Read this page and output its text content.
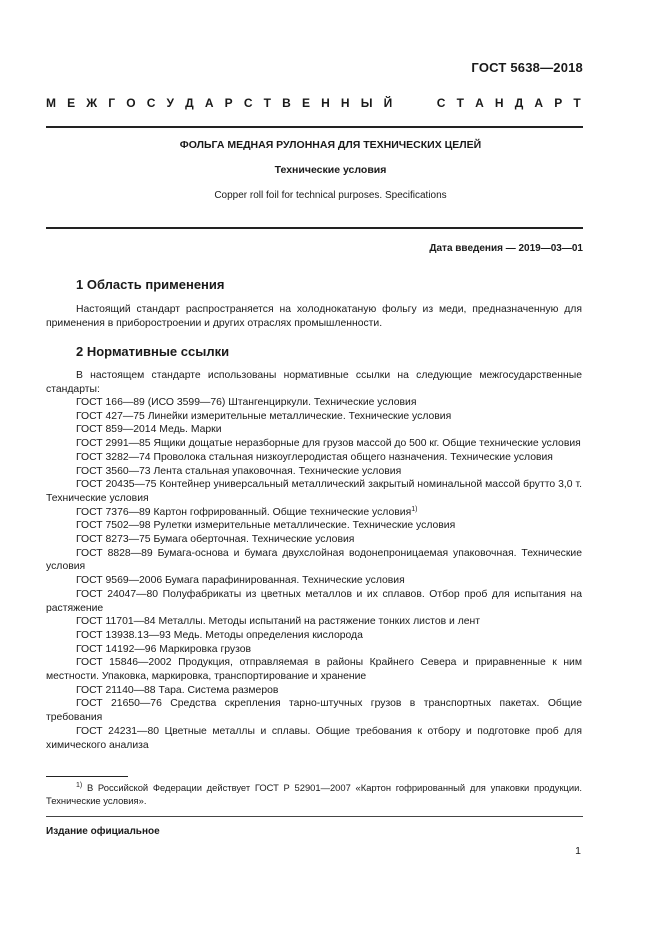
ГОСТ 5638—2018
М Е Ж Г О С У Д А Р С Т В Е Н Н Ы Й	С Т А Н Д А Р Т
ФОЛЬГА МЕДНАЯ РУЛОННАЯ ДЛЯ ТЕХНИЧЕСКИХ ЦЕЛЕЙ
Технические условия
Copper roll foil for technical purposes. Specifications
Дата введения — 2019—03—01
1 Область применения
Настоящий стандарт распространяется на холоднокатаную фольгу из меди, предназначенную для применения в приборостроении и других отраслях промышленности.
2 Нормативные ссылки
В настоящем стандарте использованы нормативные ссылки на следующие межгосударственные стандарты:
ГОСТ 166—89 (ИСО 3599—76) Штангенциркули. Технические условия
ГОСТ 427—75 Линейки измерительные металлические. Технические условия
ГОСТ 859—2014 Медь. Марки
ГОСТ 2991—85 Ящики дощатые неразборные для грузов массой до 500 кг. Общие технические условия
ГОСТ 3282—74 Проволока стальная низкоуглеродистая общего назначения. Технические условия
ГОСТ 3560—73 Лента стальная упаковочная. Технические условия
ГОСТ 20435—75 Контейнер универсальный металлический закрытый номинальной массой брутто 3,0 т. Технические условия
ГОСТ 7376—89 Картон гофрированный. Общие технические условия$^{1)}$
ГОСТ 7502—98 Рулетки измерительные металлические. Технические условия
ГОСТ 8273—75 Бумага оберточная. Технические условия
ГОСТ 8828—89 Бумага-основа и бумага двухслойная водонепроницаемая упаковочная. Технические условия
ГОСТ 9569—2006 Бумага парафинированная. Технические условия
ГОСТ 24047—80 Полуфабрикаты из цветных металлов и их сплавов. Отбор проб для испытания на растяжение
ГОСТ 11701—84 Металлы. Методы испытаний на растяжение тонких листов и лент
ГОСТ 13938.13—93 Медь. Методы определения кислорода
ГОСТ 14192—96 Маркировка грузов
ГОСТ 15846—2002 Продукция, отправляемая в районы Крайнего Севера и приравненные к ним местности. Упаковка, маркировка, транспортирование и хранение
ГОСТ 21140—88 Тара. Система размеров
ГОСТ 21650—76 Средства скрепления тарно-штучных грузов в транспортных пакетах. Общие требования
ГОСТ 24231—80 Цветные металлы и сплавы. Общие требования к отбору и подготовке проб для химического анализа
$^{1)}$ В Российской Федерации действует ГОСТ Р 52901—2007 «Картон гофрированный для упаковки продукции. Технические условия».
Издание официальное
1
